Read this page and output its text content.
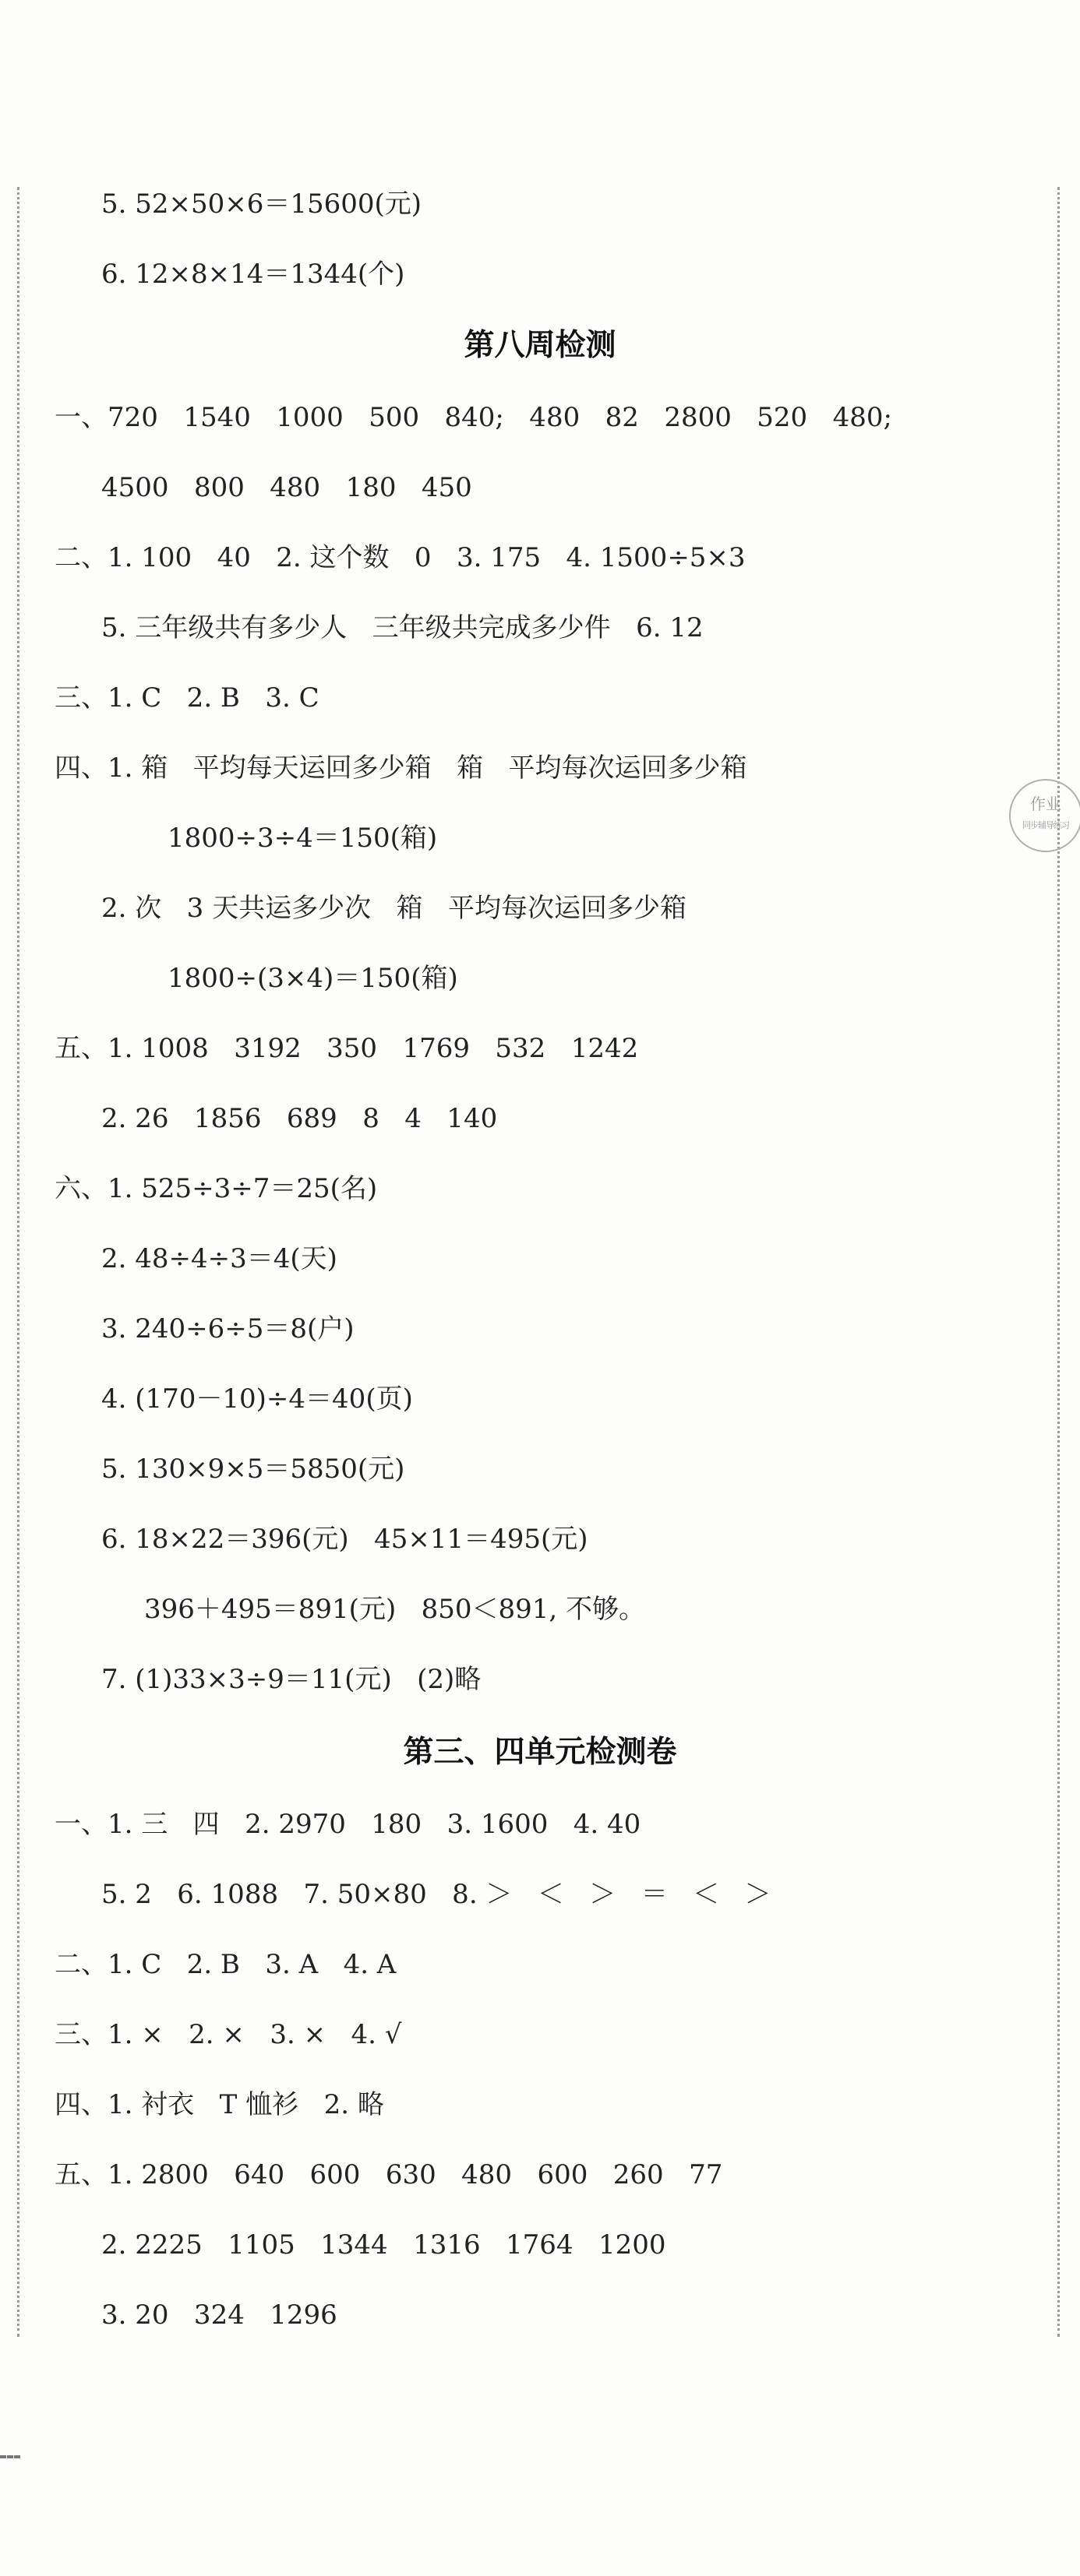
5. 52×50×6＝15600(元)
6. 12×8×14＝1344(个)
第八周检测
一、720   1540   1000   500   840;   480   82   2800   520   480;
4500   800   480   180   450
二、1. 100   40   2. 这个数   0   3. 175   4. 1500÷5×3
5. 三年级共有多少人   三年级共完成多少件   6. 12
三、1. C   2. B   3. C
四、1. 箱   平均每天运回多少箱   箱   平均每次运回多少箱
1800÷3÷4＝150(箱)
2. 次   3 天共运多少次   箱   平均每次运回多少箱
1800÷(3×4)＝150(箱)
五、1. 1008   3192   350   1769   532   1242
2. 26   1856   689   8   4   140
六、1. 525÷3÷7＝25(名)
2. 48÷4÷3＝4(天)
3. 240÷6÷5＝8(户)
4. (170－10)÷4＝40(页)
5. 130×9×5＝5850(元)
6. 18×22＝396(元)   45×11＝495(元)
396＋495＝891(元)   850＜891, 不够。
7. (1)33×3÷9＝11(元)   (2)略
第三、四单元检测卷
一、1. 三   四   2. 2970   180   3. 1600   4. 40
5. 2   6. 1088   7. 50×80   8. ＞   ＜   ＞   ＝   ＜   ＞
二、1. C   2. B   3. A   4. A
三、1. ×   2. ×   3. ×   4. √
四、1. 衬衣   T 恤衫   2. 略
五、1. 2800   640   600   630   480   600   260   77
2. 2225   1105   1344   1316   1764   1200
3. 20   324   1296
作业
同步辅导练习
